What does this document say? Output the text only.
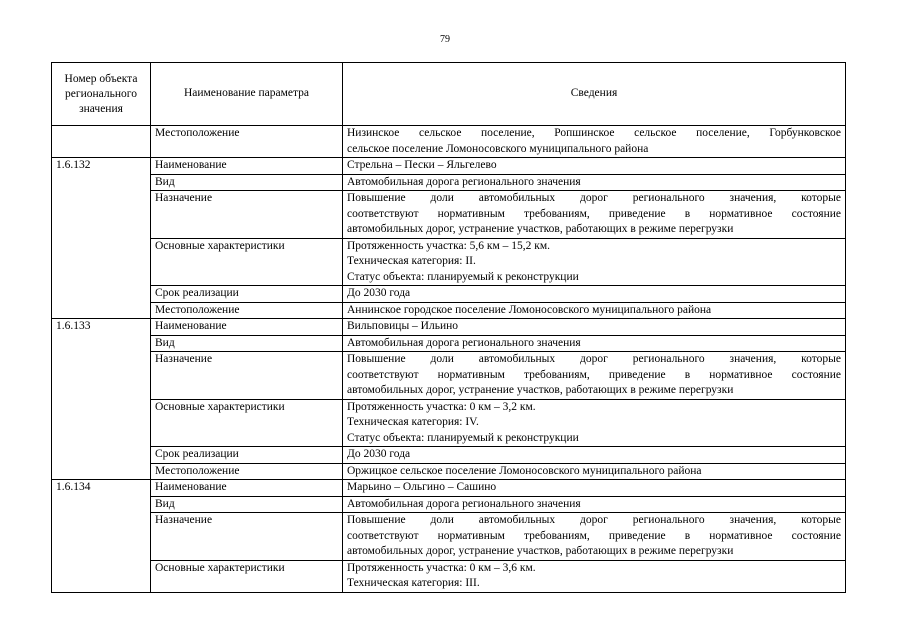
79
Номер объекта регионального значения	Наименование параметра	Сведения
	Местоположение	Низинское сельское поселение, Ропшинское сельское поселение, Горбунковское
сельское поселение Ломоносовского муниципального района

1.6.132	Наименование	Стрельна – Пески – Яльгелево

	Вид	Автомобильная дорога регионального значения

	Назначение	Повышение доли автомобильных дорог регионального значения, которые
соответствуют нормативным требованиям, приведение в нормативное состояние
автомобильных дорог, устранение участков, работающих в режиме перегрузки

	Основные характеристики	Протяженность участка: 5,6 км – 15,2 км.
Техническая категория: II.
Статус объекта: планируемый к реконструкции

	Срок реализации	До 2030 года

	Местоположение	Аннинское городское поселение Ломоносовского муниципального района

1.6.133	Наименование	Вильповицы – Ильино

	Вид	Автомобильная дорога регионального значения

	Назначение	Повышение доли автомобильных дорог регионального значения, которые
соответствуют нормативным требованиям, приведение в нормативное состояние
автомобильных дорог, устранение участков, работающих в режиме перегрузки

	Основные характеристики	Протяженность участка: 0 км – 3,2 км.
Техническая категория: IV.
Статус объекта: планируемый к реконструкции

	Срок реализации	До 2030 года

	Местоположение	Оржицкое сельское поселение Ломоносовского муниципального района

1.6.134	Наименование	Марьино – Ольгино – Сашино

	Вид	Автомобильная дорога регионального значения

	Назначение	Повышение доли автомобильных дорог регионального значения, которые
соответствуют нормативным требованиям, приведение в нормативное состояние
автомобильных дорог, устранение участков, работающих в режиме перегрузки

	Основные характеристики	Протяженность участка: 0 км – 3,6 км.
Техническая категория: III.
